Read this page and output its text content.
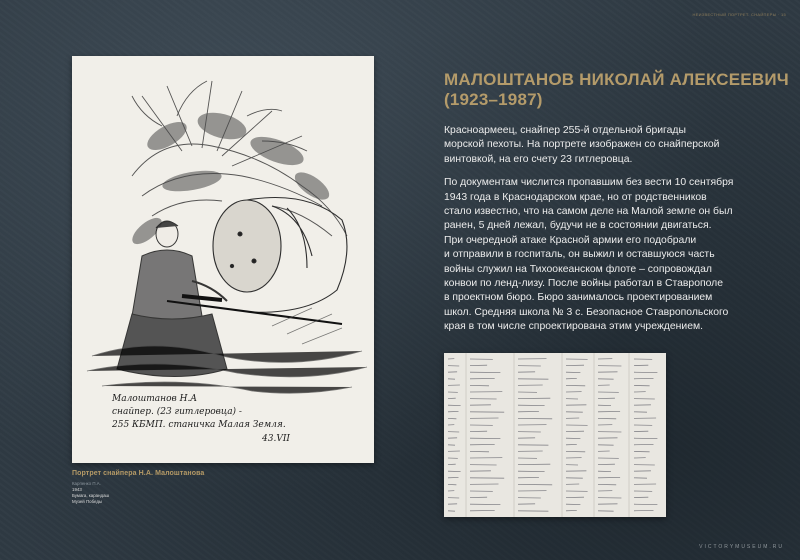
НЕИЗВЕСТНЫЙ ПОРТРЕТ. СНАЙПЕРЫ · 15
Малоштанов Н.А
снайпер. (23 гитлеровца) -
255 КБМП. станичка Малая Земля.
43.VII
Портрет снайпера Н.А. Малоштанова
Карпенко П.А.
1943
Бумага, карандаш
Музей Победы
МАЛОШТАНОВ НИКОЛАЙ АЛЕКСЕЕВИЧ
(1923–1987)

Красноармеец, снайпер 255-й отдельной бригады
морской пехоты. На портрете изображен со снайперской
винтовкой, на его счету 23 гитлеровца.

По документам числится пропавшим без вести 10 сентября
1943 года в Краснодарском крае, но от родственников
стало известно, что на самом деле на Малой земле он был
ранен, 5 дней лежал, будучи не в состоянии двигаться.
При очередной атаке Красной армии его подобрали
и отправили в госпиталь, он выжил и оставшуюся часть
войны служил на Тихоокеанском флоте – сопровождал
конвои по ленд-лизу. После войны работал в Ставрополе
в проектном бюро. Бюро занималось проектированием
школ. Средняя школа № 3 с. Безопасное Ставропольского
края в том числе спроектирована этим учреждением.

VICTORYMUSEUM.RU
